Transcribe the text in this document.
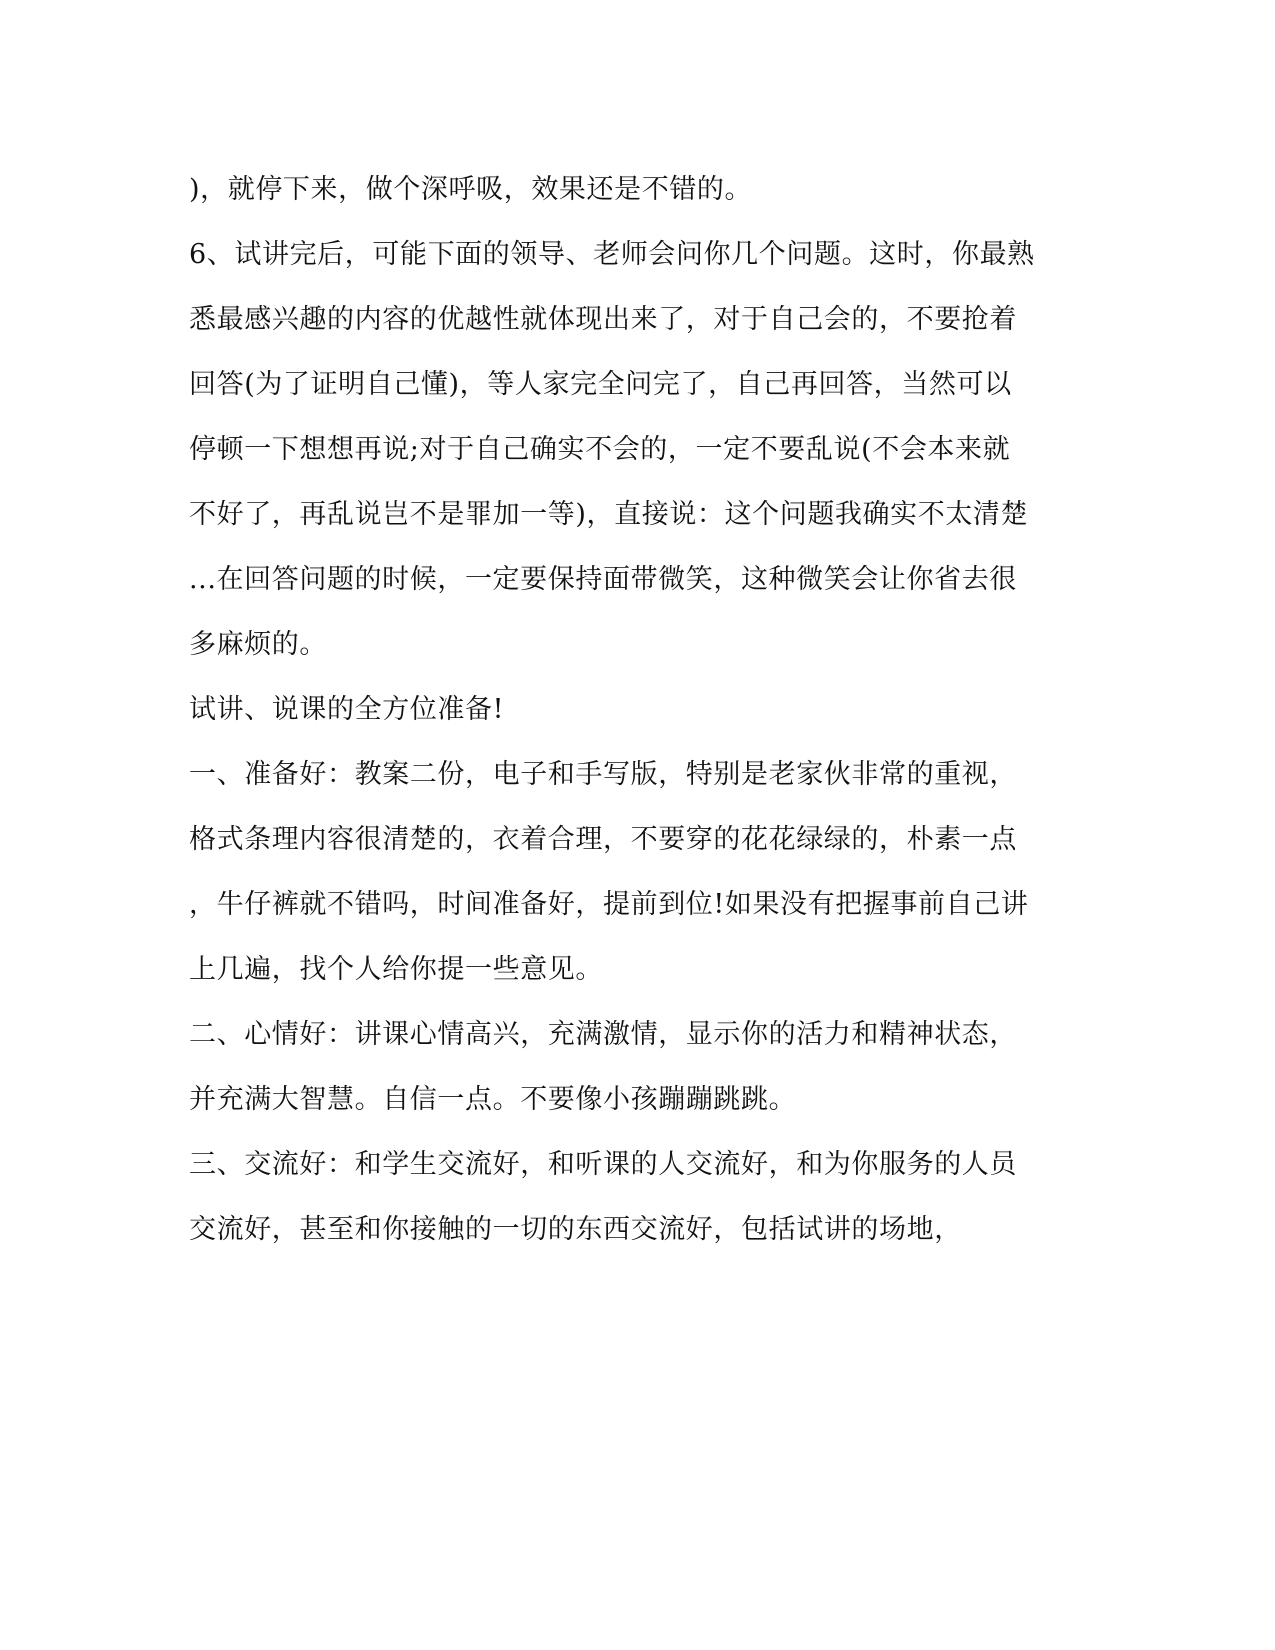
)，就停下来，做个深呼吸，效果还是不错的。
6、试讲完后，可能下面的领导、老师会问你几个问题。这时，你最熟
悉最感兴趣的内容的优越性就体现出来了，对于自己会的，不要抢着
回答(为了证明自己懂)，等人家完全问完了，自己再回答，当然可以
停顿一下想想再说;对于自己确实不会的，一定不要乱说(不会本来就
不好了，再乱说岂不是罪加一等)，直接说：这个问题我确实不太清楚
...在回答问题的时候，一定要保持面带微笑，这种微笑会让你省去很
多麻烦的。
试讲、说课的全方位准备!
一、准备好：教案二份，电子和手写版，特别是老家伙非常的重视，
格式条理内容很清楚的，衣着合理，不要穿的花花绿绿的，朴素一点
，牛仔裤就不错吗，时间准备好，提前到位!如果没有把握事前自己讲
上几遍，找个人给你提一些意见。
二、心情好：讲课心情高兴，充满激情，显示你的活力和精神状态，
并充满大智慧。自信一点。不要像小孩蹦蹦跳跳。
三、交流好：和学生交流好，和听课的人交流好，和为你服务的人员
交流好，甚至和你接触的一切的东西交流好，包括试讲的场地，
